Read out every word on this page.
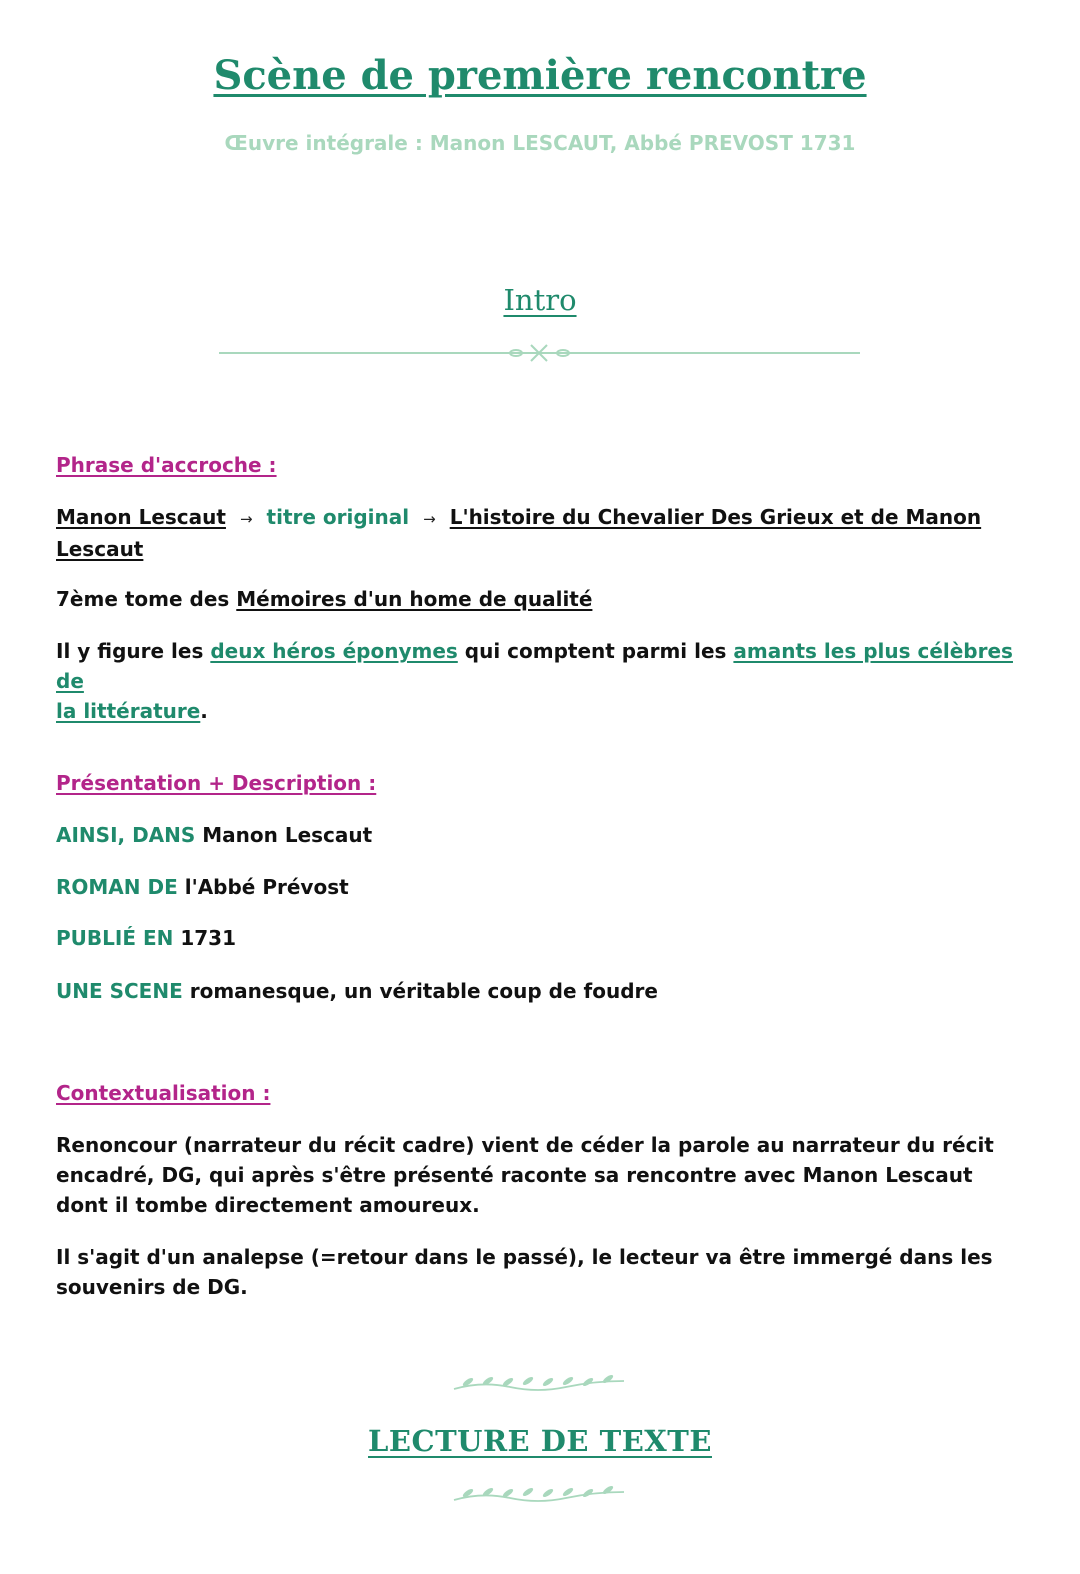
Scène de première rencontre
Œuvre intégrale : Manon LESCAUT, Abbé PREVOST 1731
Intro
Phrase d'accroche :
Manon Lescaut → titre original → L'histoire du Chevalier Des Grieux et de Manon
Lescaut
7ème tome des Mémoires d'un home de qualité
Il y figure les deux héros éponymes qui comptent parmi les amants les plus célèbres de
la littérature.
Présentation + Description :
AINSI, DANS Manon Lescaut
ROMAN DE l'Abbé Prévost
PUBLIÉ EN 1731
UNE SCENE romanesque, un véritable coup de foudre
Contextualisation :
Renoncour (narrateur du récit cadre) vient de céder la parole au narrateur du récit encadré, DG, qui après s'être présenté raconte sa rencontre avec Manon Lescaut dont il tombe directement amoureux.
Il s'agit d'un analepse (=retour dans le passé), le lecteur va être immergé dans les souvenirs de DG.
LECTURE DE TEXTE
